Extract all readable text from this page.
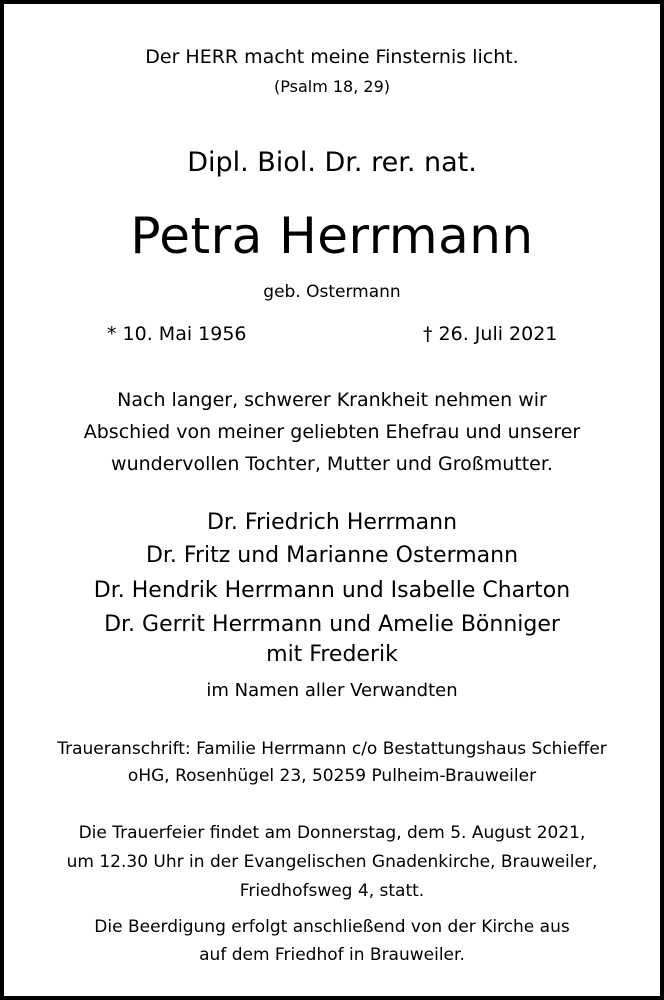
Der HERR macht meine Finsternis licht.
(Psalm 18, 29)
Dipl. Biol. Dr. rer. nat.
Petra Herrmann
geb. Ostermann
* 10. Mai 1956	† 26. Juli 2021
Nach langer, schwerer Krankheit nehmen wir
Abschied von meiner geliebten Ehefrau und unserer
wundervollen Tochter, Mutter und Großmutter.
Dr. Friedrich Herrmann
Dr. Fritz und Marianne Ostermann
Dr. Hendrik Herrmann und Isabelle Charton
Dr. Gerrit Herrmann und Amelie Bönniger
mit Frederik
im Namen aller Verwandten
Traueranschrift: Familie Herrmann c/o Bestattungshaus Schieffer
oHG, Rosenhügel 23, 50259 Pulheim-Brauweiler
Die Trauerfeier findet am Donnerstag, dem 5. August 2021,
um 12.30 Uhr in der Evangelischen Gnadenkirche, Brauweiler,
Friedhofsweg 4, statt.
Die Beerdigung erfolgt anschließend von der Kirche aus
auf dem Friedhof in Brauweiler.
